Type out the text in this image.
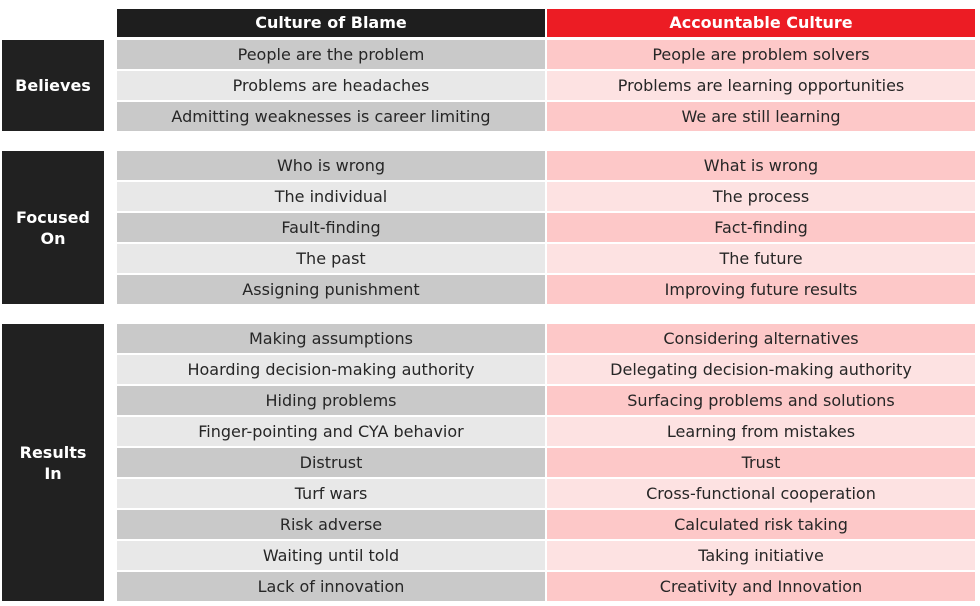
Culture of Blame	Accountable Culture
Believes
People are the problem	People are problem solvers
Problems are headaches	Problems are learning opportunities
Admitting weaknesses is career limiting	We are still learning
Focused On
Who is wrong	What is wrong
The individual	The process
Fault-finding	Fact-finding
The past	The future
Assigning punishment	Improving future results
Results In
Making assumptions	Considering alternatives
Hoarding decision-making authority	Delegating decision-making authority
Hiding problems	Surfacing problems and solutions
Finger-pointing and CYA behavior	Learning from mistakes
Distrust	Trust
Turf wars	Cross-functional cooperation
Risk adverse	Calculated risk taking
Waiting until told	Taking initiative
Lack of innovation	Creativity and Innovation
